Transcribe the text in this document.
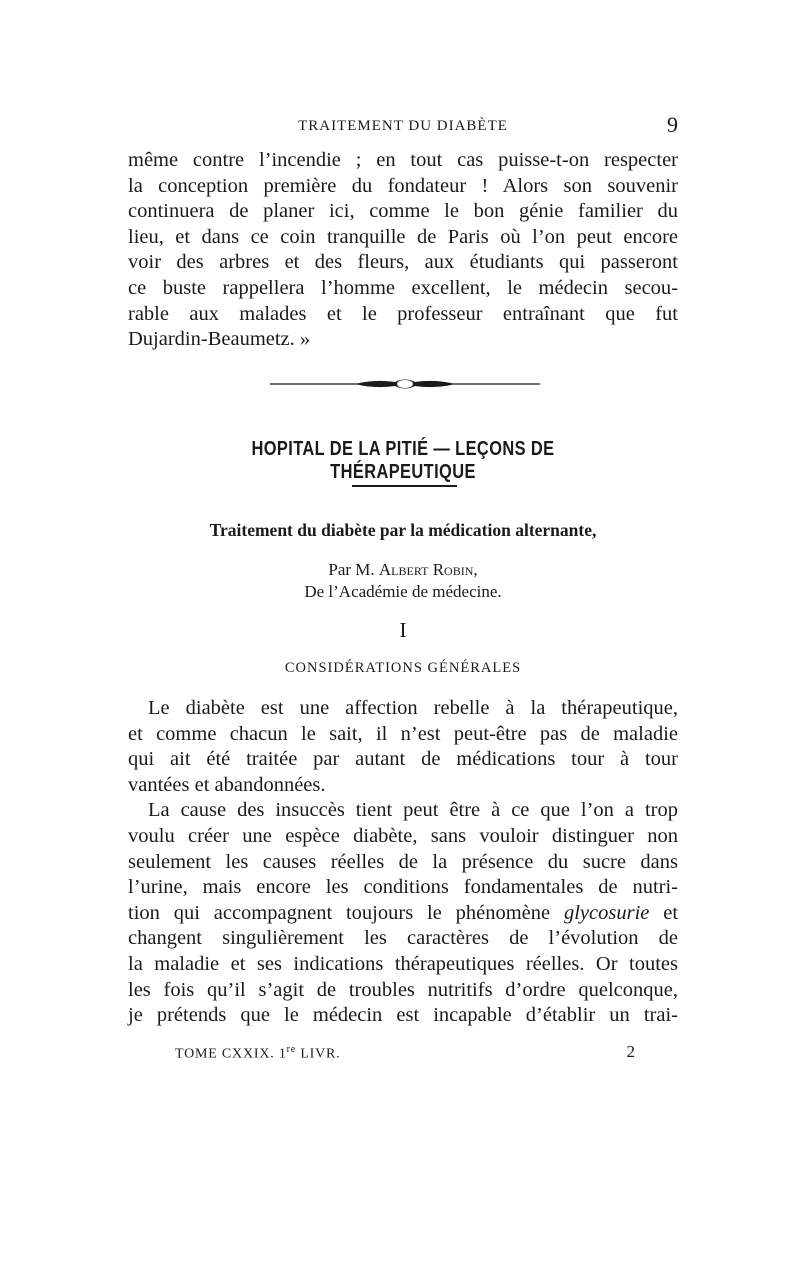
TRAITEMENT DU DIABÈTE	9
même contre l’incendie ; en tout cas puisse-t-on respecter
la conception première du fondateur ! Alors son souvenir
continuera de planer ici, comme le bon génie familier du
lieu, et dans ce coin tranquille de Paris où l’on peut encore
voir des arbres et des fleurs, aux étudiants qui passeront
ce buste rappellera l’homme excellent, le médecin secou-
rable aux malades et le professeur entraînant que fut
Dujardin-Beaumetz. »
HOPITAL DE LA PITIÉ — LEÇONS DE THÉRAPEUTIQUE
Traitement du diabète par la médication alternante,
Par M. Albert Robin,
De l’Académie de médecine.
I
CONSIDÉRATIONS GÉNÉRALES
Le diabète est une affection rebelle à la thérapeutique,
et comme chacun le sait, il n’est peut-être pas de maladie
qui ait été traitée par autant de médications tour à tour
vantées et abandonnées.
La cause des insuccès tient peut être à ce que l’on a trop
voulu créer une espèce diabète, sans vouloir distinguer non
seulement les causes réelles de la présence du sucre dans
l’urine, mais encore les conditions fondamentales de nutri-
tion qui accompagnent toujours le phénomène glycosurie et
changent singulièrement les caractères de l’évolution de
la maladie et ses indications thérapeutiques réelles. Or toutes
les fois qu’il s’agit de troubles nutritifs d’ordre quelconque,
je prétends que le médecin est incapable d’établir un trai-
TOME CXXIX. 1re LIVR.	2
